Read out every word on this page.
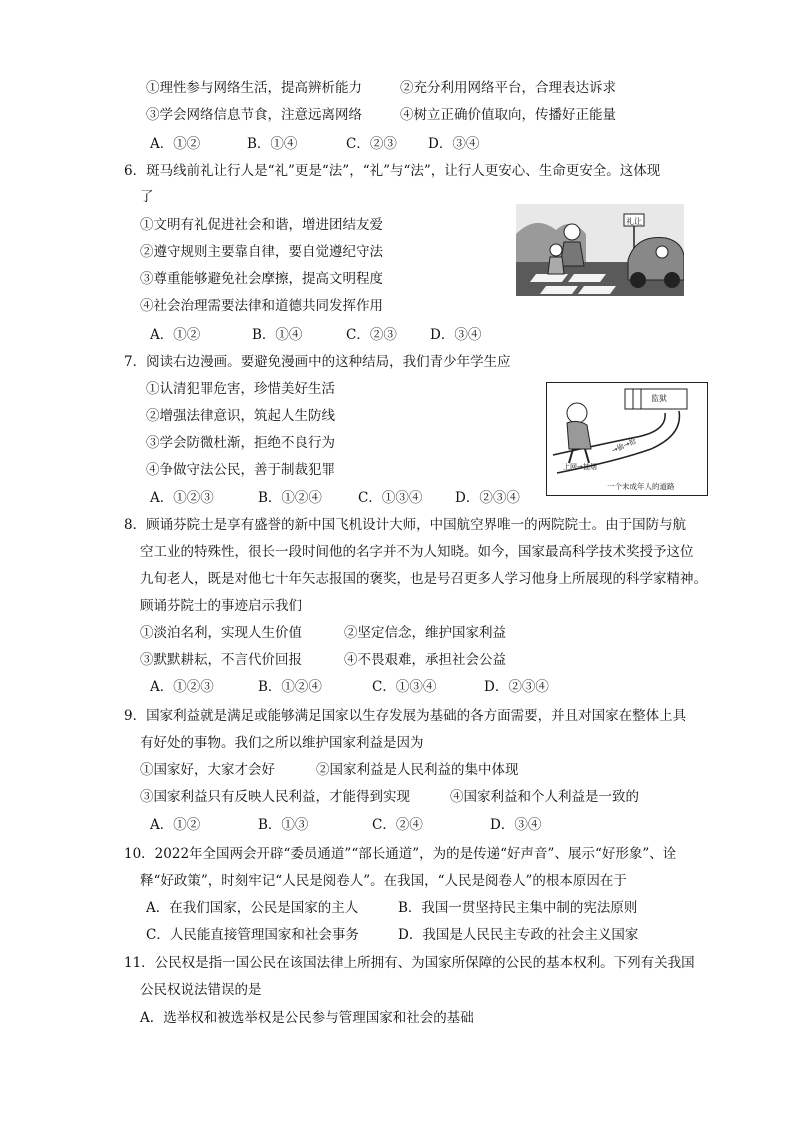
①理性参与网络生活，提高辨析能力	②充分利用网络平台，合理表达诉求
③学会网络信息节食，注意远离网络	④树立正确价值取向，传播好正能量
A．①②	B．①④	C．②③ D．③④
6．斑马线前礼让行人是“礼”更是“法”，“礼”与“法”，让行人更安心、生命更安全。这体现
了
①文明有礼促进社会和谐，增进团结友爱
②遵守规则主要靠自律，要自觉遵纪守法
③尊重能够避免社会摩擦，提高文明程度
④社会治理需要法律和道德共同发挥作用
A．①②	B．①④	C．②③ D．③④
礼让
7．阅读右边漫画。要避免漫画中的这种结局，我们青少年学生应
①认清犯罪危害，珍惜美好生活
②增强法律意识，筑起人生防线
③学会防微杜渐，拒绝不良行为
④争做守法公民，善于制裁犯罪
A．①②③	B．①②④	C．①③④ D．②③④
监狱
上网→抽烟
→偷→抢
一个未成年人的道路
8．顾诵芬院士是享有盛誉的新中国飞机设计大师，中国航空界唯一的两院院士。由于国防与航
空工业的特殊性，很长一段时间他的名字并不为人知晓。如今，国家最高科学技术奖授予这位
九旬老人，既是对他七十年矢志报国的褒奖，也是号召更多人学习他身上所展现的科学家精神。
顾诵芬院士的事迹启示我们
①淡泊名利，实现人生价值	②坚定信念，维护国家利益
③默默耕耘，不言代价回报	④不畏艰难，承担社会公益
A．①②③	B．①②④	C．①③④	D．②③④
9．国家利益就是满足或能够满足国家以生存发展为基础的各方面需要，并且对国家在整体上具
有好处的事物。我们之所以维护国家利益是因为
①国家好，大家才会好	②国家利益是人民利益的集中体现
③国家利益只有反映人民利益，才能得到实现	④国家利益和个人利益是一致的
A．①②	B．①③	C．②④	D．③④
10．2022年全国两会开辟“委员通道”“部长通道”，为的是传递“好声音”、展示“好形象”、诠
释“好政策”，时刻牢记“人民是阅卷人”。在我国，“人民是阅卷人”的根本原因在于
A．在我们国家，公民是国家的主人	B．我国一贯坚持民主集中制的宪法原则
C．人民能直接管理国家和社会事务	D．我国是人民民主专政的社会主义国家
11．公民权是指一国公民在该国法律上所拥有、为国家所保障的公民的基本权利。下列有关我国
公民权说法错误的是
A．选举权和被选举权是公民参与管理国家和社会的基础
